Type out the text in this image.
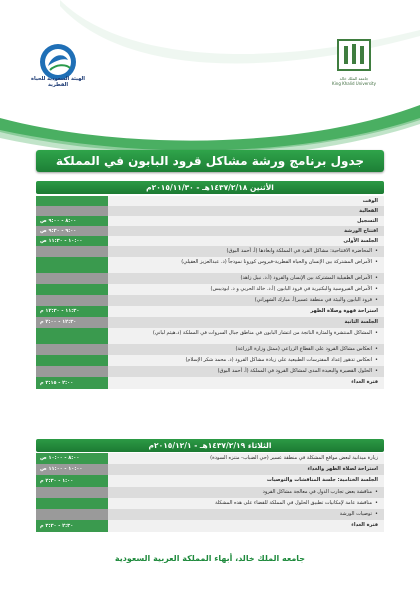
الهيئة السعودية للحياة الفطرية
جامعة الملك خالد
King Khalid University
جدول برنامج ورشة مشاكل قرود البابون في المملكة
الأثنين ١٤٣٧/٢/١٨هـ - ٢٠١٥/١١/٣٠م
الوقت
الفعالية
التسجيل
٨:٠٠ - ٩:٠٠ ص
افتتاح الورشة
٩:٠٠ - ٩:٣٠ ص
الجلسة الأولى
١٠:٠٠ - ١١:٣٠ ص
• المحاضرة الافتتاحية: مشاكل القرد في المملكة وابعادها (أ. أحمد البوق)
• الأمراض المشتركة بين الإنسان والحياة الفطرية-فيروس كورونا نموذجاً (د. عبدالعزيز العقيلي)
• الأمراض الطفيلية المشتركة بين الإنسان والقرود (أ.د. نبيل زاهد)
• الأمراض الفيروسية والبكتيرية في قرود البابون (أ.د. خالد الحربي و د. ابوديبس)
• قرود البابون والبيئة في منطقة عسير(أ. مبارك الشهراني)
استراحة قهوة وصلاة الظهر
١١:٣٠ - ١٢:٣٠ م
الجلسة الثانية
١٢:٣٠ - ٢:٠٠ م
• المشاكل المنتشرة والمثارة الناتجة من انتشار البابون في مناطق جبال السروات في المملكة (د.هيثم لباني)
• انعكاس مشاكل القرود على القطاع الزراعي (ممثل وزارة الزراعة)
• انعكاس تدهور إعداد المفترسات الطبيعية على زيادة مشاكل القرود (د. محمد شكر الإسلام)
• الحلول القصيرة والبعيدة المدى لمشاكل القرود في المملكة (أ. أحمد البوق)
فترة الغداء
٢:٠٠ - ٣:١٥ م
الثلاثاء ١٤٣٧/٢/١٩هـ - ٢٠١٥/١٢/١م
زيارة ميدانية لبعض مواقع المشكلة في منطقة عسير (حي الضباب- متنزه السودة)
٨:٠٠ - ١٠:٠٠ ص
استراحة لصلاة الظهر والغداء
١٠:٠٠ - ١١:٠٠ ص
الجلسة الختامية: جلسة المناقشات والتوصيات
١:٠٠ - ٢:٣٠ م
• مناقشة بعض تجارب الدول في معالجة مشاكل القرود
• مناقشة عامة لإمكانيات تطبيق الحلول في المملكة للقضاء على هذه المشكلة
• توصيات الورشة
فترة الغداء
٢:٣٠ - ٣:٣٠ م
جامعه الملك خالد، أبهاء المملكة العربية السعودية
